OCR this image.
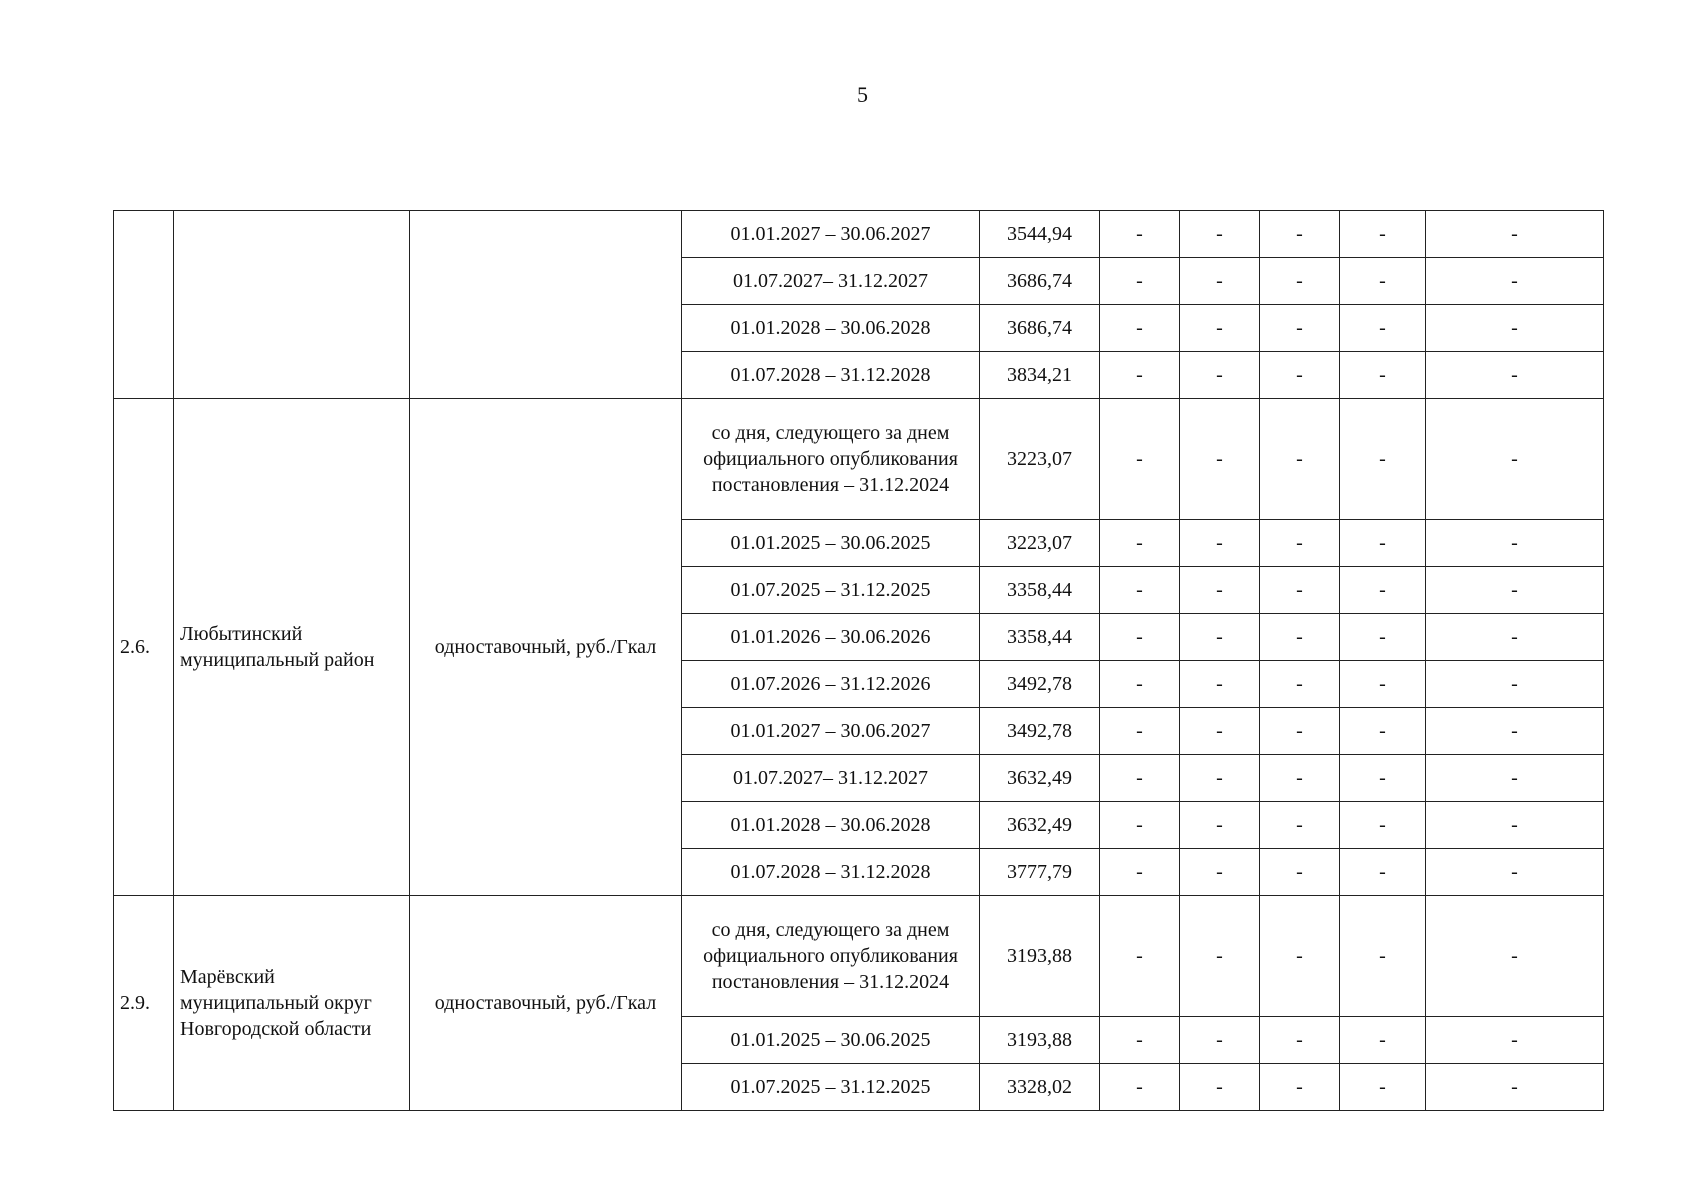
5
			01.01.2027 – 30.06.2027	3544,94	-	-	-	-	-
			01.07.2027– 31.12.2027	3686,74	-	-	-	-	-
			01.01.2028 – 30.06.2028	3686,74	-	-	-	-	-
			01.07.2028 – 31.12.2028	3834,21	-	-	-	-	-
2.6.	Любытинский муниципальный район	одноставочный, руб./Гкал	со дня, следующего за днем официального опубликования постановления – 31.12.2024	3223,07	-	-	-	-	-
			01.01.2025 – 30.06.2025	3223,07	-	-	-	-	-
			01.07.2025 – 31.12.2025	3358,44	-	-	-	-	-
			01.01.2026 – 30.06.2026	3358,44	-	-	-	-	-
			01.07.2026 – 31.12.2026	3492,78	-	-	-	-	-
			01.01.2027 – 30.06.2027	3492,78	-	-	-	-	-
			01.07.2027– 31.12.2027	3632,49	-	-	-	-	-
			01.01.2028 – 30.06.2028	3632,49	-	-	-	-	-
			01.07.2028 – 31.12.2028	3777,79	-	-	-	-	-
2.9.	Марёвский муниципальный округ Новгородской области	одноставочный, руб./Гкал	со дня, следующего за днем официального опубликования постановления – 31.12.2024	3193,88	-	-	-	-	-
			01.01.2025 – 30.06.2025	3193,88	-	-	-	-	-
			01.07.2025 – 31.12.2025	3328,02	-	-	-	-	-
